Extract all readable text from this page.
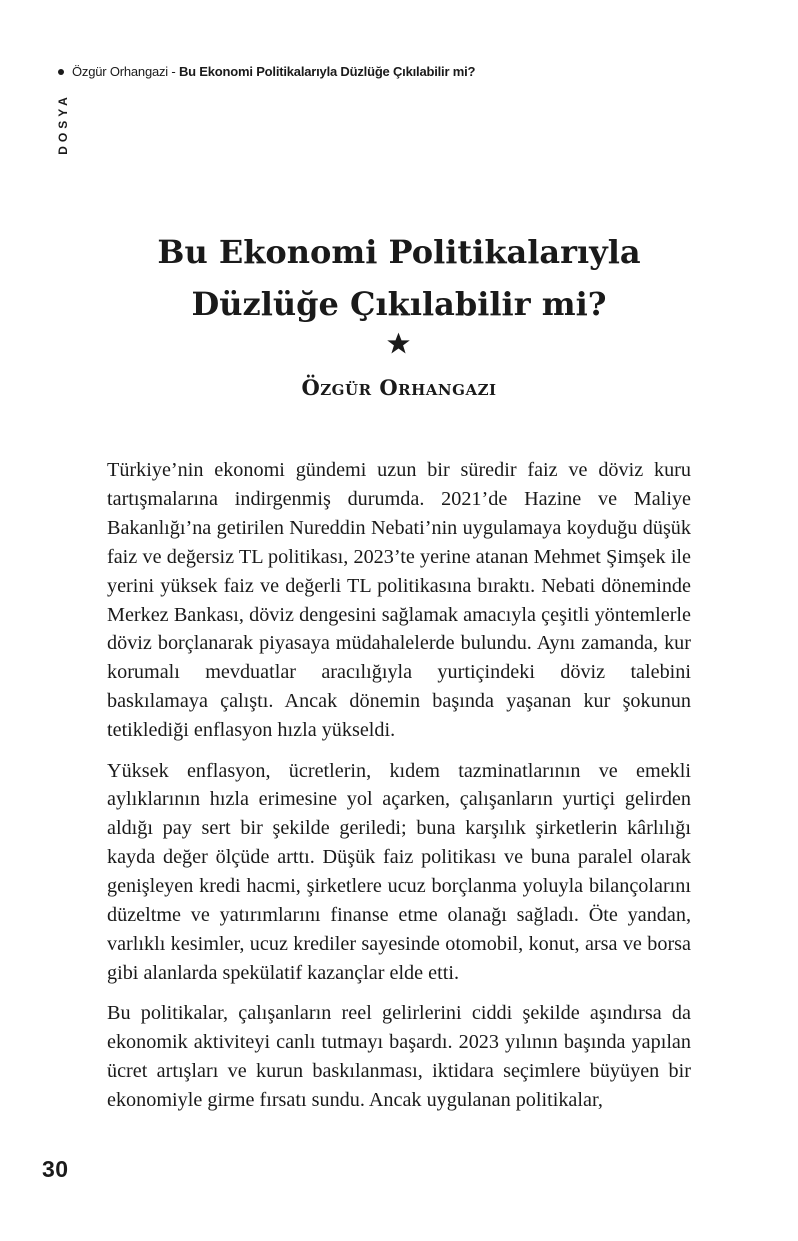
Özgür Orhangazi - Bu Ekonomi Politikalarıyla Düzlüğe Çıkılabilir mi?
DOSYA
Bu Ekonomi Politikalarıyla
Düzlüğe Çıkılabilir mi?
Özgür Orhangazi

Türkiye’nin ekonomi gündemi uzun bir süredir faiz ve döviz kuru tartışmalarına indirgenmiş durumda. 2021’de Hazine ve Maliye Bakanlığı’na getirilen Nureddin Nebati’nin uygulamaya koyduğu düşük faiz ve değersiz TL politikası, 2023’te yerine atanan Mehmet Şimşek ile yerini yüksek faiz ve değerli TL politikasına bıraktı. Nebati döneminde Merkez Bankası, döviz dengesini sağlamak amacıyla çeşitli yöntemlerle döviz borçlanarak piyasaya müdahalelerde bulundu. Aynı zamanda, kur korumalı mevduatlar aracılığıyla yurtiçindeki döviz talebini baskılamaya çalıştı. Ancak dönemin başında yaşanan kur şokunun tetiklediği enflasyon hızla yükseldi.

Yüksek enflasyon, ücretlerin, kıdem tazminatlarının ve emekli aylıklarının hızla erimesine yol açarken, çalışanların yurtiçi gelirden aldığı pay sert bir şekilde geriledi; buna karşılık şirketlerin kârlılığı kayda değer ölçüde arttı. Düşük faiz politikası ve buna paralel olarak genişleyen kredi hacmi, şirketlere ucuz borçlanma yoluyla bilançolarını düzeltme ve yatırımlarını finanse etme olanağı sağladı. Öte yandan, varlıklı kesimler, ucuz krediler sayesinde otomobil, konut, arsa ve borsa gibi alanlarda spekülatif kazançlar elde etti.

Bu politikalar, çalışanların reel gelirlerini ciddi şekilde aşındırsa da ekonomik aktiviteyi canlı tutmayı başardı. 2023 yılının başında yapılan ücret artışları ve kurun baskılanması, iktidara seçimlere büyüyen bir ekonomiyle girme fırsatı sundu. Ancak uygulanan politikalar,

30
